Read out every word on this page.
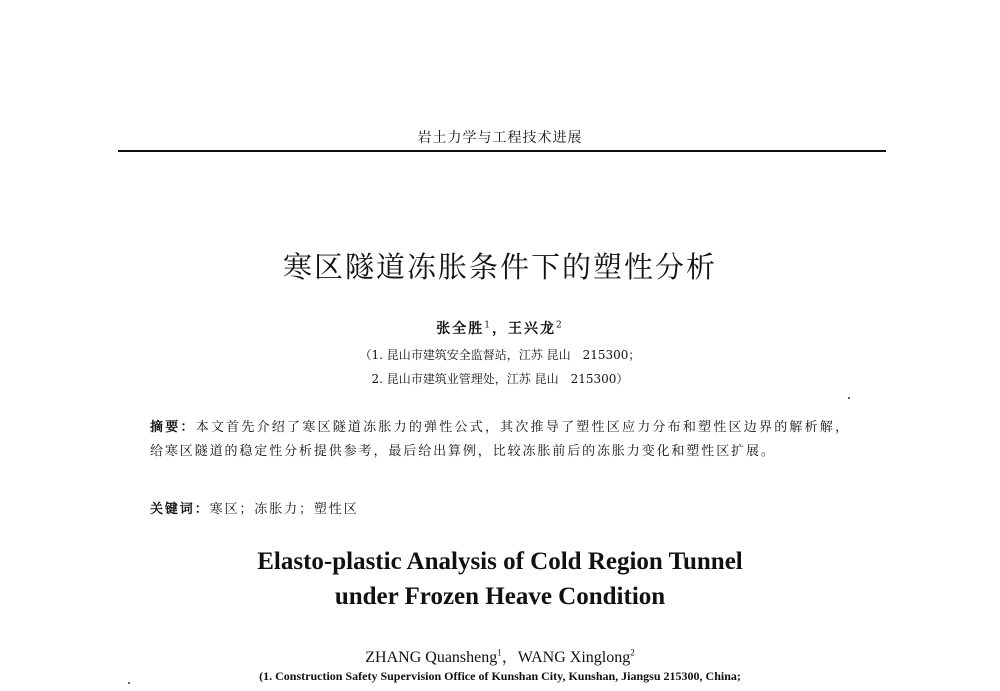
岩土力学与工程技术进展
寒区隧道冻胀条件下的塑性分析
张全胜$^1$，王兴龙$^2$
（1. 昆山市建筑安全监督站，江苏 昆山　215300；
2. 昆山市建筑业管理处，江苏 昆山　215300）
摘要：本文首先介绍了寒区隧道冻胀力的弹性公式，其次推导了塑性区应力分布和塑性区边界的解析解，给寒区隧道的稳定性分析提供参考，最后给出算例，比较冻胀前后的冻胀力变化和塑性区扩展。
关键词：寒区；冻胀力；塑性区
Elasto-plastic Analysis of Cold Region Tunnel
under Frozen Heave Condition
ZHANG Quansheng$^1$，WANG Xinglong$^2$
(1. Construction Safety Supervision Office of Kunshan City, Kunshan, Jiangsu 215300, China;
